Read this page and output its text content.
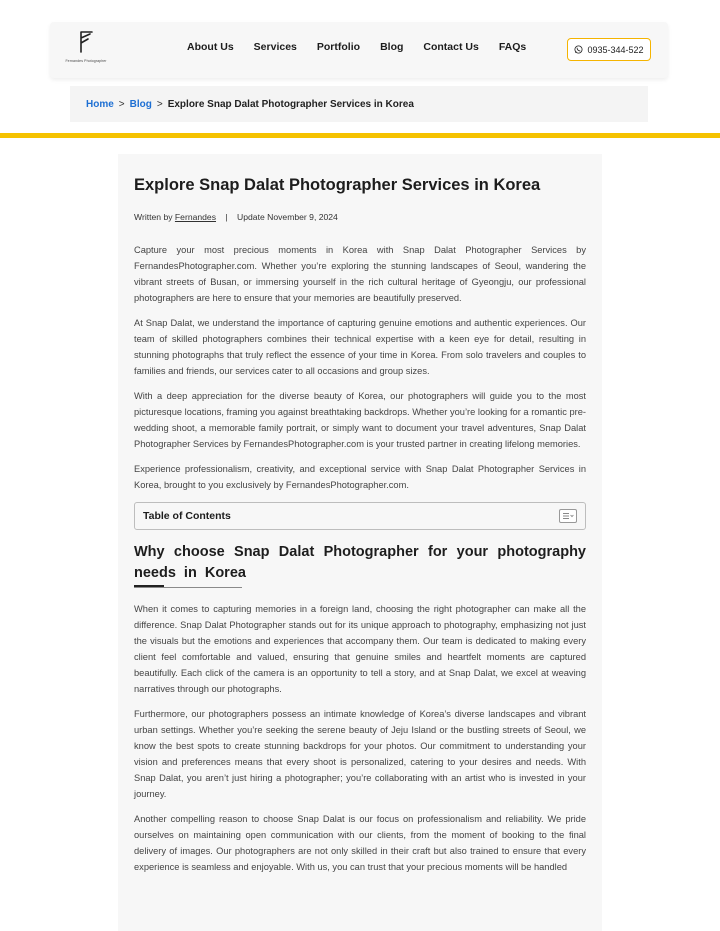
Fernandes Photographer
About Us Services Portfolio Blog Contact Us FAQs	0935-344-522
Home > Blog > Explore Snap Dalat Photographer Services in Korea
Explore Snap Dalat Photographer Services in Korea
Written by Fernandes | Update November 9, 2024

Capture your most precious moments in Korea with Snap Dalat Photographer Services by FernandesPhotographer.com. Whether you’re exploring the stunning landscapes of Seoul, wandering the vibrant streets of Busan, or immersing yourself in the rich cultural heritage of Gyeongju, our professional photographers are here to ensure that your memories are beautifully preserved.

At Snap Dalat, we understand the importance of capturing genuine emotions and authentic experiences. Our team of skilled photographers combines their technical expertise with a keen eye for detail, resulting in stunning photographs that truly reflect the essence of your time in Korea. From solo travelers and couples to families and friends, our services cater to all occasions and group sizes.

With a deep appreciation for the diverse beauty of Korea, our photographers will guide you to the most picturesque locations, framing you against breathtaking backdrops. Whether you’re looking for a romantic pre-wedding shoot, a memorable family portrait, or simply want to document your travel adventures, Snap Dalat Photographer Services by FernandesPhotographer.com is your trusted partner in creating lifelong memories.

Experience professionalism, creativity, and exceptional service with Snap Dalat Photographer Services in Korea, brought to you exclusively by FernandesPhotographer.com.

Table of Contents
Why choose Snap Dalat Photographer for your photography needs in Korea

When it comes to capturing memories in a foreign land, choosing the right photographer can make all the difference. Snap Dalat Photographer stands out for its unique approach to photography, emphasizing not just the visuals but the emotions and experiences that accompany them. Our team is dedicated to making every client feel comfortable and valued, ensuring that genuine smiles and heartfelt moments are captured beautifully. Each click of the camera is an opportunity to tell a story, and at Snap Dalat, we excel at weaving narratives through our photographs.

Furthermore, our photographers possess an intimate knowledge of Korea’s diverse landscapes and vibrant urban settings. Whether you’re seeking the serene beauty of Jeju Island or the bustling streets of Seoul, we know the best spots to create stunning backdrops for your photos. Our commitment to understanding your vision and preferences means that every shoot is personalized, catering to your desires and needs. With Snap Dalat, you aren’t just hiring a photographer; you’re collaborating with an artist who is invested in your journey.

Another compelling reason to choose Snap Dalat is our focus on professionalism and reliability. We pride ourselves on maintaining open communication with our clients, from the moment of booking to the final delivery of images. Our photographers are not only skilled in their craft but also trained to ensure that every experience is seamless and enjoyable. With us, you can trust that your precious moments will be handled
